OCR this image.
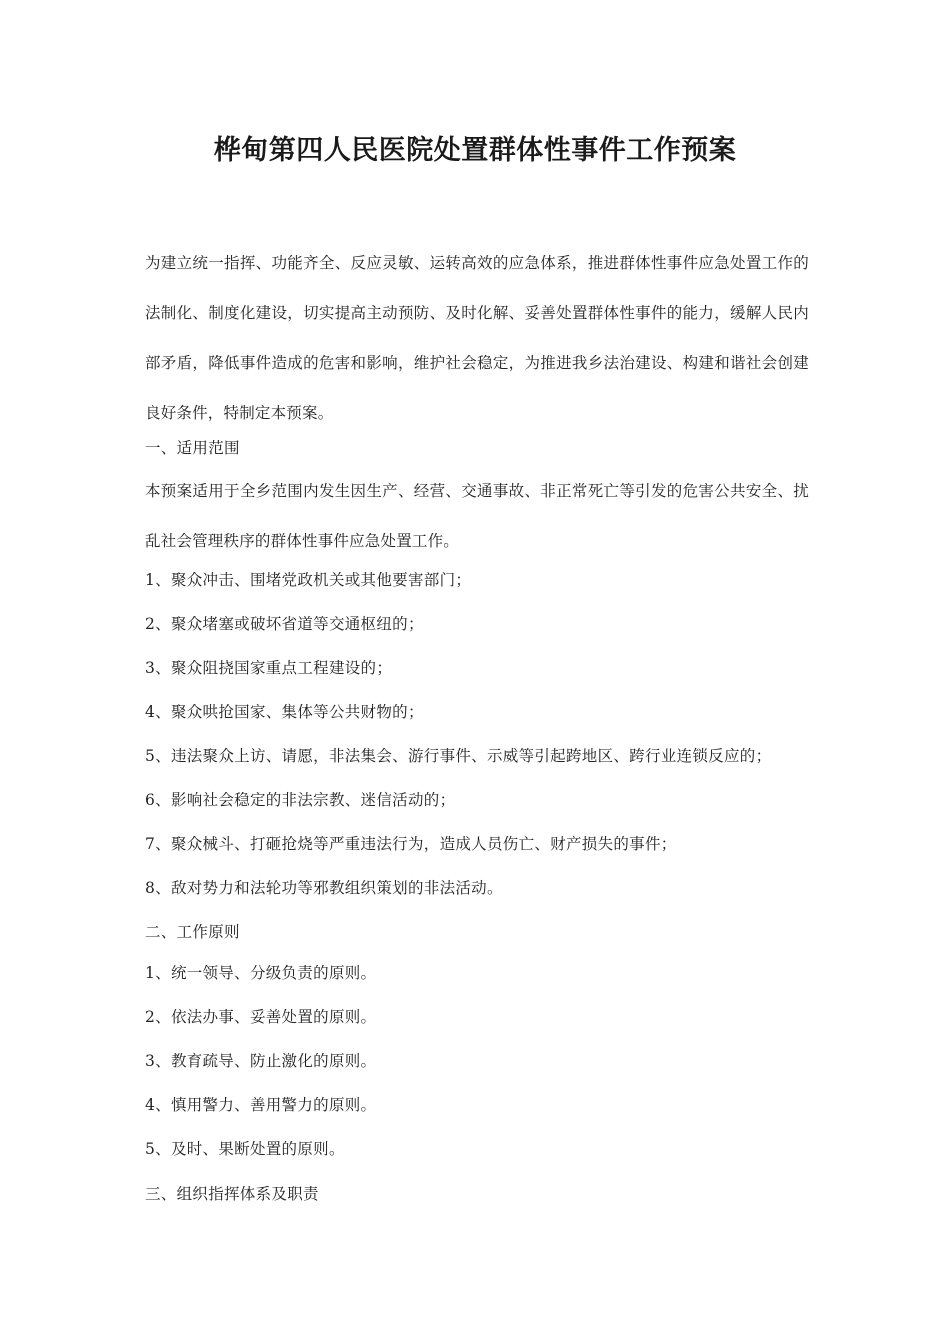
桦甸第四人民医院处置群体性事件工作预案
为建立统一指挥、功能齐全、反应灵敏、运转高效的应急体系，推进群体性事件应急处置工作的法制化、制度化建设，切实提高主动预防、及时化解、妥善处置群体性事件的能力，缓解人民内部矛盾，降低事件造成的危害和影响，维护社会稳定，为推进我乡法治建设、构建和谐社会创建良好条件，特制定本预案。
一、适用范围
本预案适用于全乡范围内发生因生产、经营、交通事故、非正常死亡等引发的危害公共安全、扰乱社会管理秩序的群体性事件应急处置工作。
1、聚众冲击、围堵党政机关或其他要害部门；
2、聚众堵塞或破坏省道等交通枢纽的；
3、聚众阻挠国家重点工程建设的；
4、聚众哄抢国家、集体等公共财物的；
5、违法聚众上访、请愿，非法集会、游行事件、示威等引起跨地区、跨行业连锁反应的；
6、影响社会稳定的非法宗教、迷信活动的；
7、聚众械斗、打砸抢烧等严重违法行为，造成人员伤亡、财产损失的事件；
8、敌对势力和法轮功等邪教组织策划的非法活动。
二、工作原则
1、统一领导、分级负责的原则。
2、依法办事、妥善处置的原则。
3、教育疏导、防止激化的原则。
4、慎用警力、善用警力的原则。
5、及时、果断处置的原则。
三、组织指挥体系及职责
